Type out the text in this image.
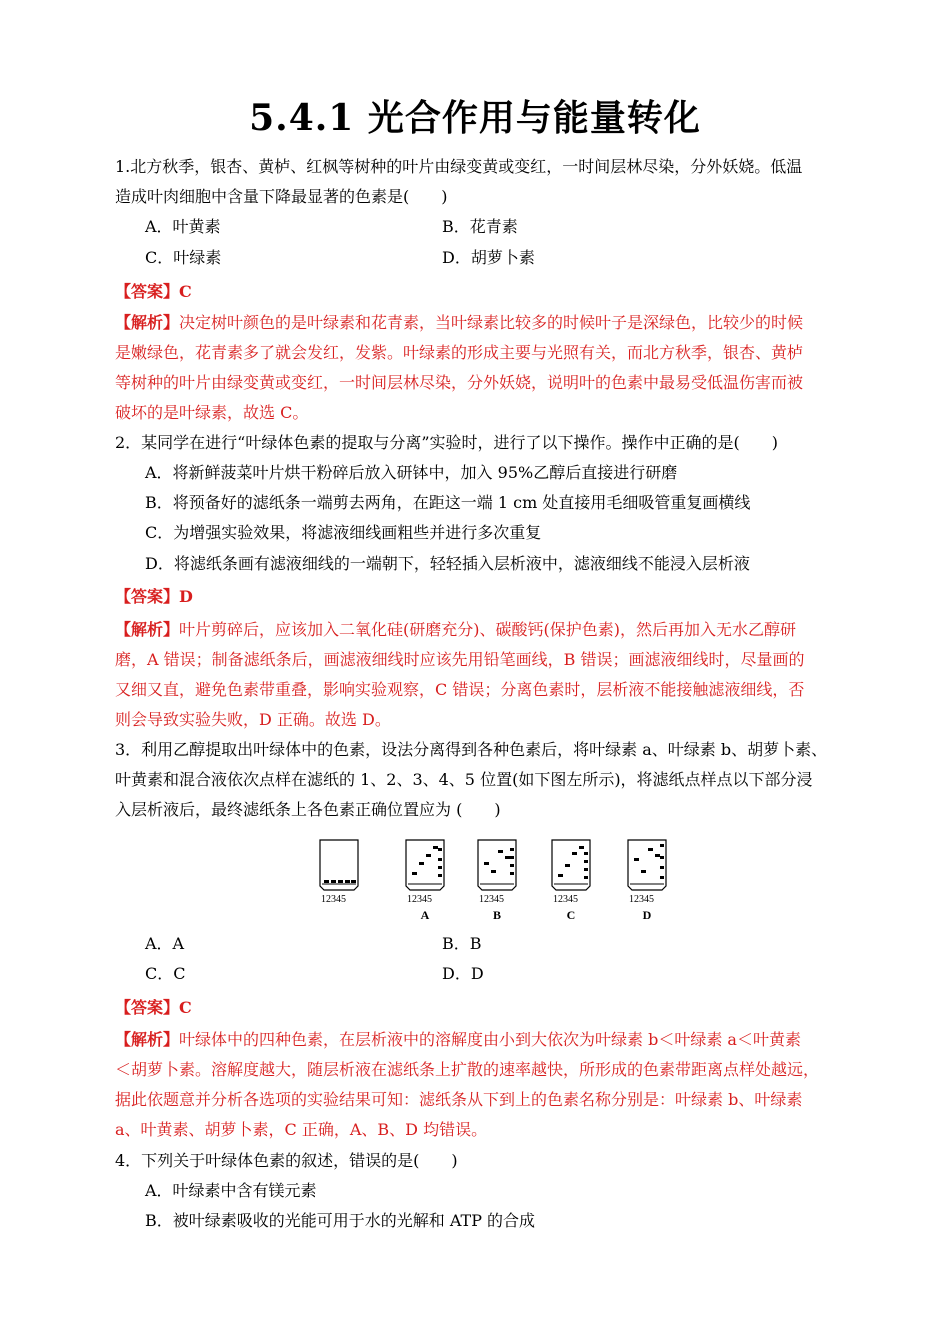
5.4.1 光合作用与能量转化

1.北方秋季，银杏、黄栌、红枫等树种的叶片由绿变黄或变红，一时间层林尽染，分外妖娆。低温

造成叶肉细胞中含量下降最显著的色素是(　　)

A．叶黄素	B．花青素
C．叶绿素	D．胡萝卜素

【答案】C

【解析】决定树叶颜色的是叶绿素和花青素，当叶绿素比较多的时候叶子是深绿色，比较少的时候

是嫩绿色，花青素多了就会发红，发紫。叶绿素的形成主要与光照有关，而北方秋季，银杏、黄栌

等树种的叶片由绿变黄或变红，一时间层林尽染，分外妖娆，说明叶的色素中最易受低温伤害而被

破坏的是叶绿素，故选 C。

2．某同学在进行“叶绿体色素的提取与分离”实验时，进行了以下操作。操作中正确的是(　　)
A．将新鲜菠菜叶片烘干粉碎后放入研钵中，加入 95%乙醇后直接进行研磨
B．将预备好的滤纸条一端剪去两角，在距这一端 1 cm 处直接用毛细吸管重复画横线
C．为增强实验效果，将滤液细线画粗些并进行多次重复
D．将滤纸条画有滤液细线的一端朝下，轻轻插入层析液中，滤液细线不能浸入层析液

【答案】D

【解析】叶片剪碎后，应该加入二氧化硅(研磨充分)、碳酸钙(保护色素)，然后再加入无水乙醇研

磨，A 错误；制备滤纸条后，画滤液细线时应该先用铅笔画线，B 错误；画滤液细线时，尽量画的

又细又直，避免色素带重叠，影响实验观察，C 错误；分离色素时，层析液不能接触滤液细线，否

则会导致实验失败，D 正确。故选 D。

3．利用乙醇提取出叶绿体中的色素，设法分离得到各种色素后，将叶绿素 a、叶绿素 b、胡萝卜素、

叶黄素和混合液依次点样在滤纸的 1、2、3、4、5 位置(如下图左所示)，将滤纸点样点以下部分浸

入层析液后，最终滤纸条上各色素正确位置应为 (　　)

12345	12345	12345	12345	12345
A	B	C	D
A．A	B．B
C．C	D．D

【答案】C

【解析】叶绿体中的四种色素，在层析液中的溶解度由小到大依次为叶绿素 b＜叶绿素 a＜叶黄素

＜胡萝卜素。溶解度越大，随层析液在滤纸条上扩散的速率越快，所形成的色素带距离点样处越远，

据此依题意并分析各选项的实验结果可知：滤纸条从下到上的色素名称分别是：叶绿素 b、叶绿素

a、叶黄素、胡萝卜素，C 正确，A、B、D 均错误。

4．下列关于叶绿体色素的叙述，错误的是(　　)
A．叶绿素中含有镁元素
B．被叶绿素吸收的光能可用于水的光解和 ATP 的合成
